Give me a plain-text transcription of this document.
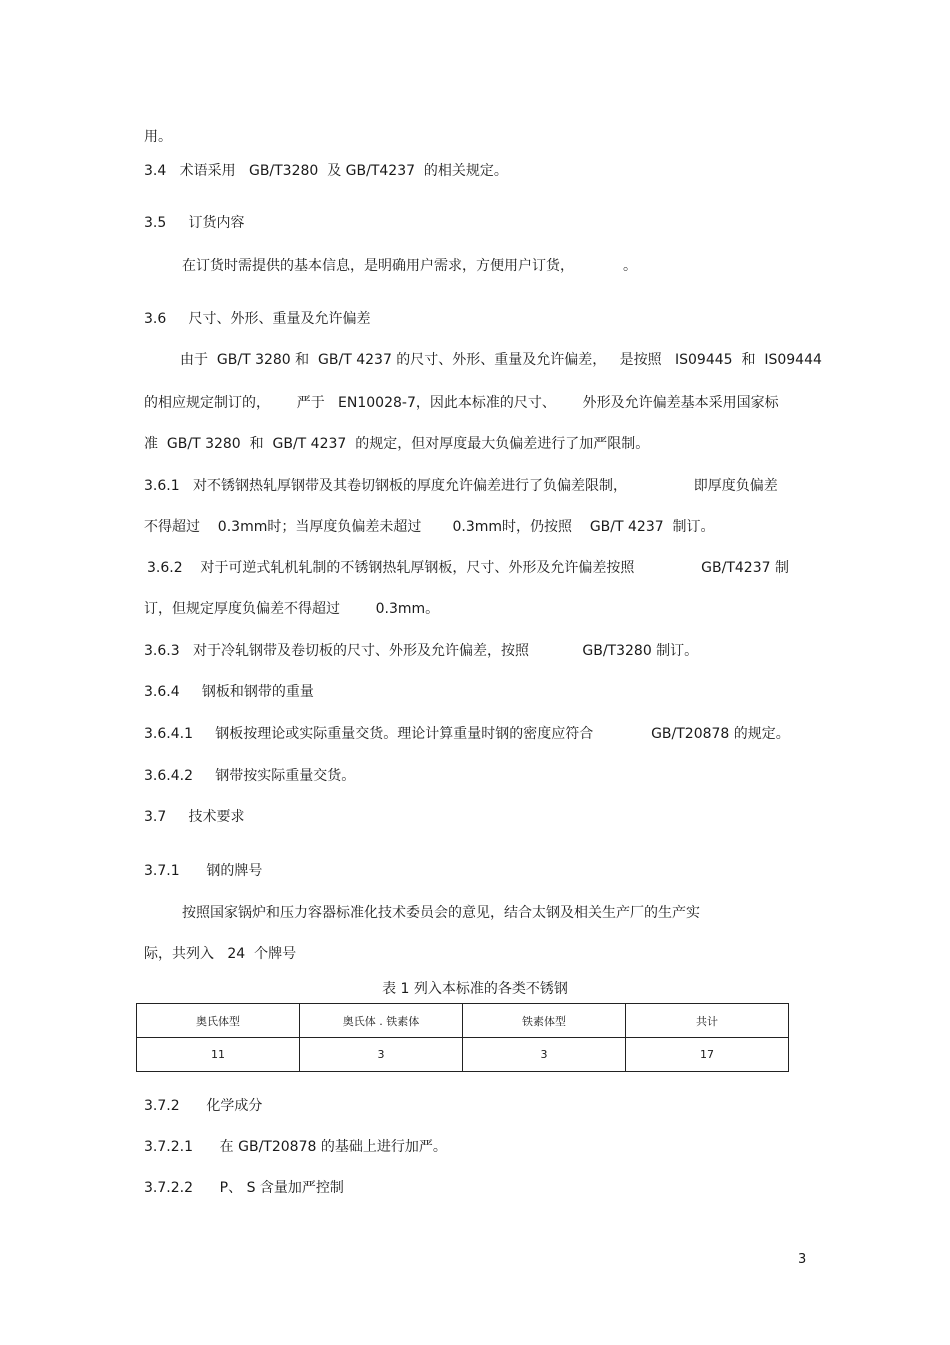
用。
3.4   术语采用   GB/T3280  及 GB/T4237  的相关规定。
3.5     订货内容
在订货时需提供的基本信息，是明确用户需求，方便用户订货，           。
3.6     尺寸、外形、重量及允许偏差
由于  GB/T 3280 和  GB/T 4237 的尺寸、外形、重量及允许偏差，   是按照   IS09445  和  IS09444
的相应规定制订的，      严于   EN10028-7，因此本标准的尺寸、      外形及允许偏差基本采用国家标
准  GB/T 3280  和  GB/T 4237  的规定，但对厚度最大负偏差进行了加严限制。
3.6.1   对不锈钢热轧厚钢带及其卷切钢板的厚度允许偏差进行了负偏差限制，               即厚度负偏差
不得超过    0.3mm时；当厚度负偏差未超过       0.3mm时，仍按照    GB/T 4237  制订。
3.6.2    对于可逆式轧机轧制的不锈钢热轧厚钢板，尺寸、外形及允许偏差按照               GB/T4237 制
订，但规定厚度负偏差不得超过        0.3mm。
3.6.3   对于冷轧钢带及卷切板的尺寸、外形及允许偏差，按照            GB/T3280 制订。
3.6.4     钢板和钢带的重量
3.6.4.1     钢板按理论或实际重量交货。理论计算重量时钢的密度应符合             GB/T20878 的规定。
3.6.4.2     钢带按实际重量交货。
3.7     技术要求
3.7.1      钢的牌号
按照国家锅炉和压力容器标准化技术委员会的意见，结合太钢及相关生产厂的生产实
际，共列入   24  个牌号
表 1 列入本标准的各类不锈钢
奥氏体型	奥氏体 . 铁素体	铁素体型	共计
11	3	3	17
3.7.2      化学成分
3.7.2.1      在 GB/T20878 的基础上进行加严。
3.7.2.2      P、 S 含量加严控制
3
